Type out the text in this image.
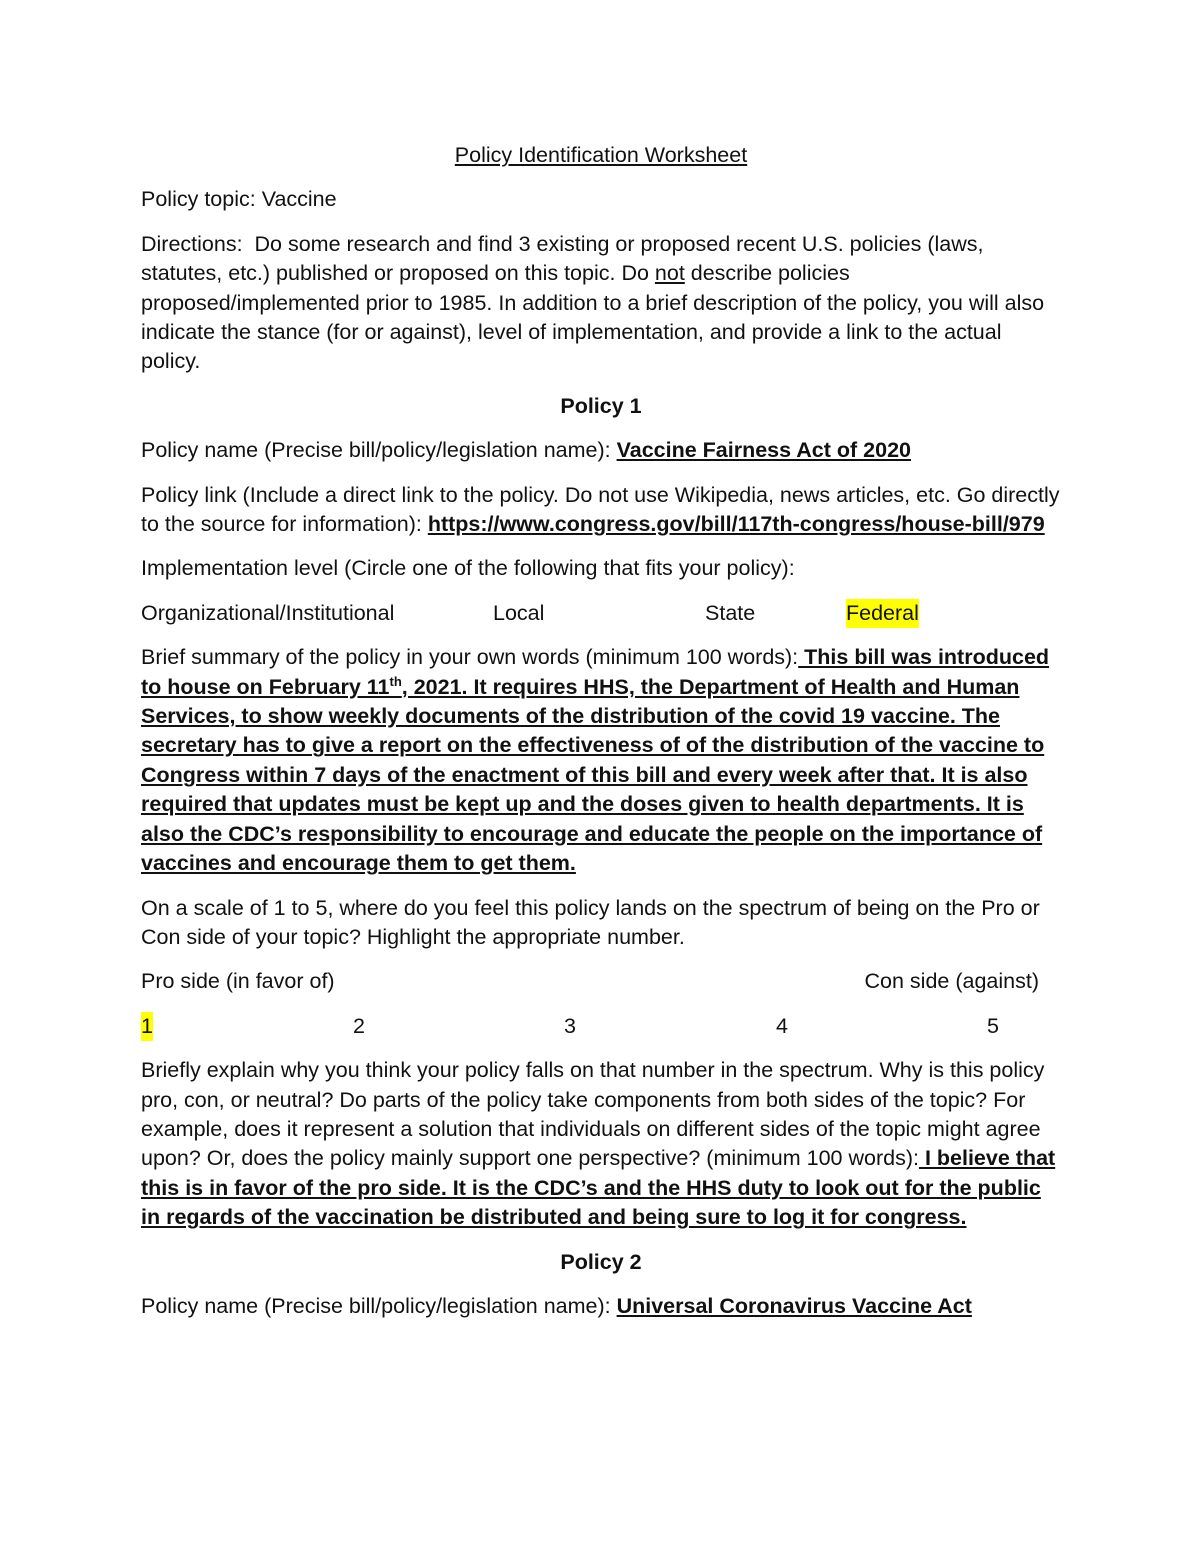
Policy Identification Worksheet

Policy topic: Vaccine

Directions: Do some research and find 3 existing or proposed recent U.S. policies (laws, statutes, etc.) published or proposed on this topic. Do not describe policies proposed/implemented prior to 1985. In addition to a brief description of the policy, you will also indicate the stance (for or against), level of implementation, and provide a link to the actual policy.

Policy 1

Policy name (Precise bill/policy/legislation name): Vaccine Fairness Act of 2020

Policy link (Include a direct link to the policy. Do not use Wikipedia, news articles, etc. Go directly to the source for information): https://www.congress.gov/bill/117th-congress/house-bill/979

Implementation level (Circle one of the following that fits your policy):

Organizational/Institutional	Local	State	Federal

Brief summary of the policy in your own words (minimum 100 words): This bill was introduced to house on February 11th, 2021. It requires HHS, the Department of Health and Human Services, to show weekly documents of the distribution of the covid 19 vaccine. The secretary has to give a report on the effectiveness of of the distribution of the vaccine to Congress within 7 days of the enactment of this bill and every week after that. It is also required that updates must be kept up and the doses given to health departments. It is also the CDC’s responsibility to encourage and educate the people on the importance of vaccines and encourage them to get them.

On a scale of 1 to 5, where do you feel this policy lands on the spectrum of being on the Pro or Con side of your topic? Highlight the appropriate number.

Pro side (in favor of)	Con side (against)
1	2	3	4	5

Briefly explain why you think your policy falls on that number in the spectrum. Why is this policy pro, con, or neutral? Do parts of the policy take components from both sides of the topic? For example, does it represent a solution that individuals on different sides of the topic might agree upon? Or, does the policy mainly support one perspective? (minimum 100 words): I believe that this is in favor of the pro side. It is the CDC’s and the HHS duty to look out for the public in regards of the vaccination be distributed and being sure to log it for congress.

Policy 2

Policy name (Precise bill/policy/legislation name): Universal Coronavirus Vaccine Act
